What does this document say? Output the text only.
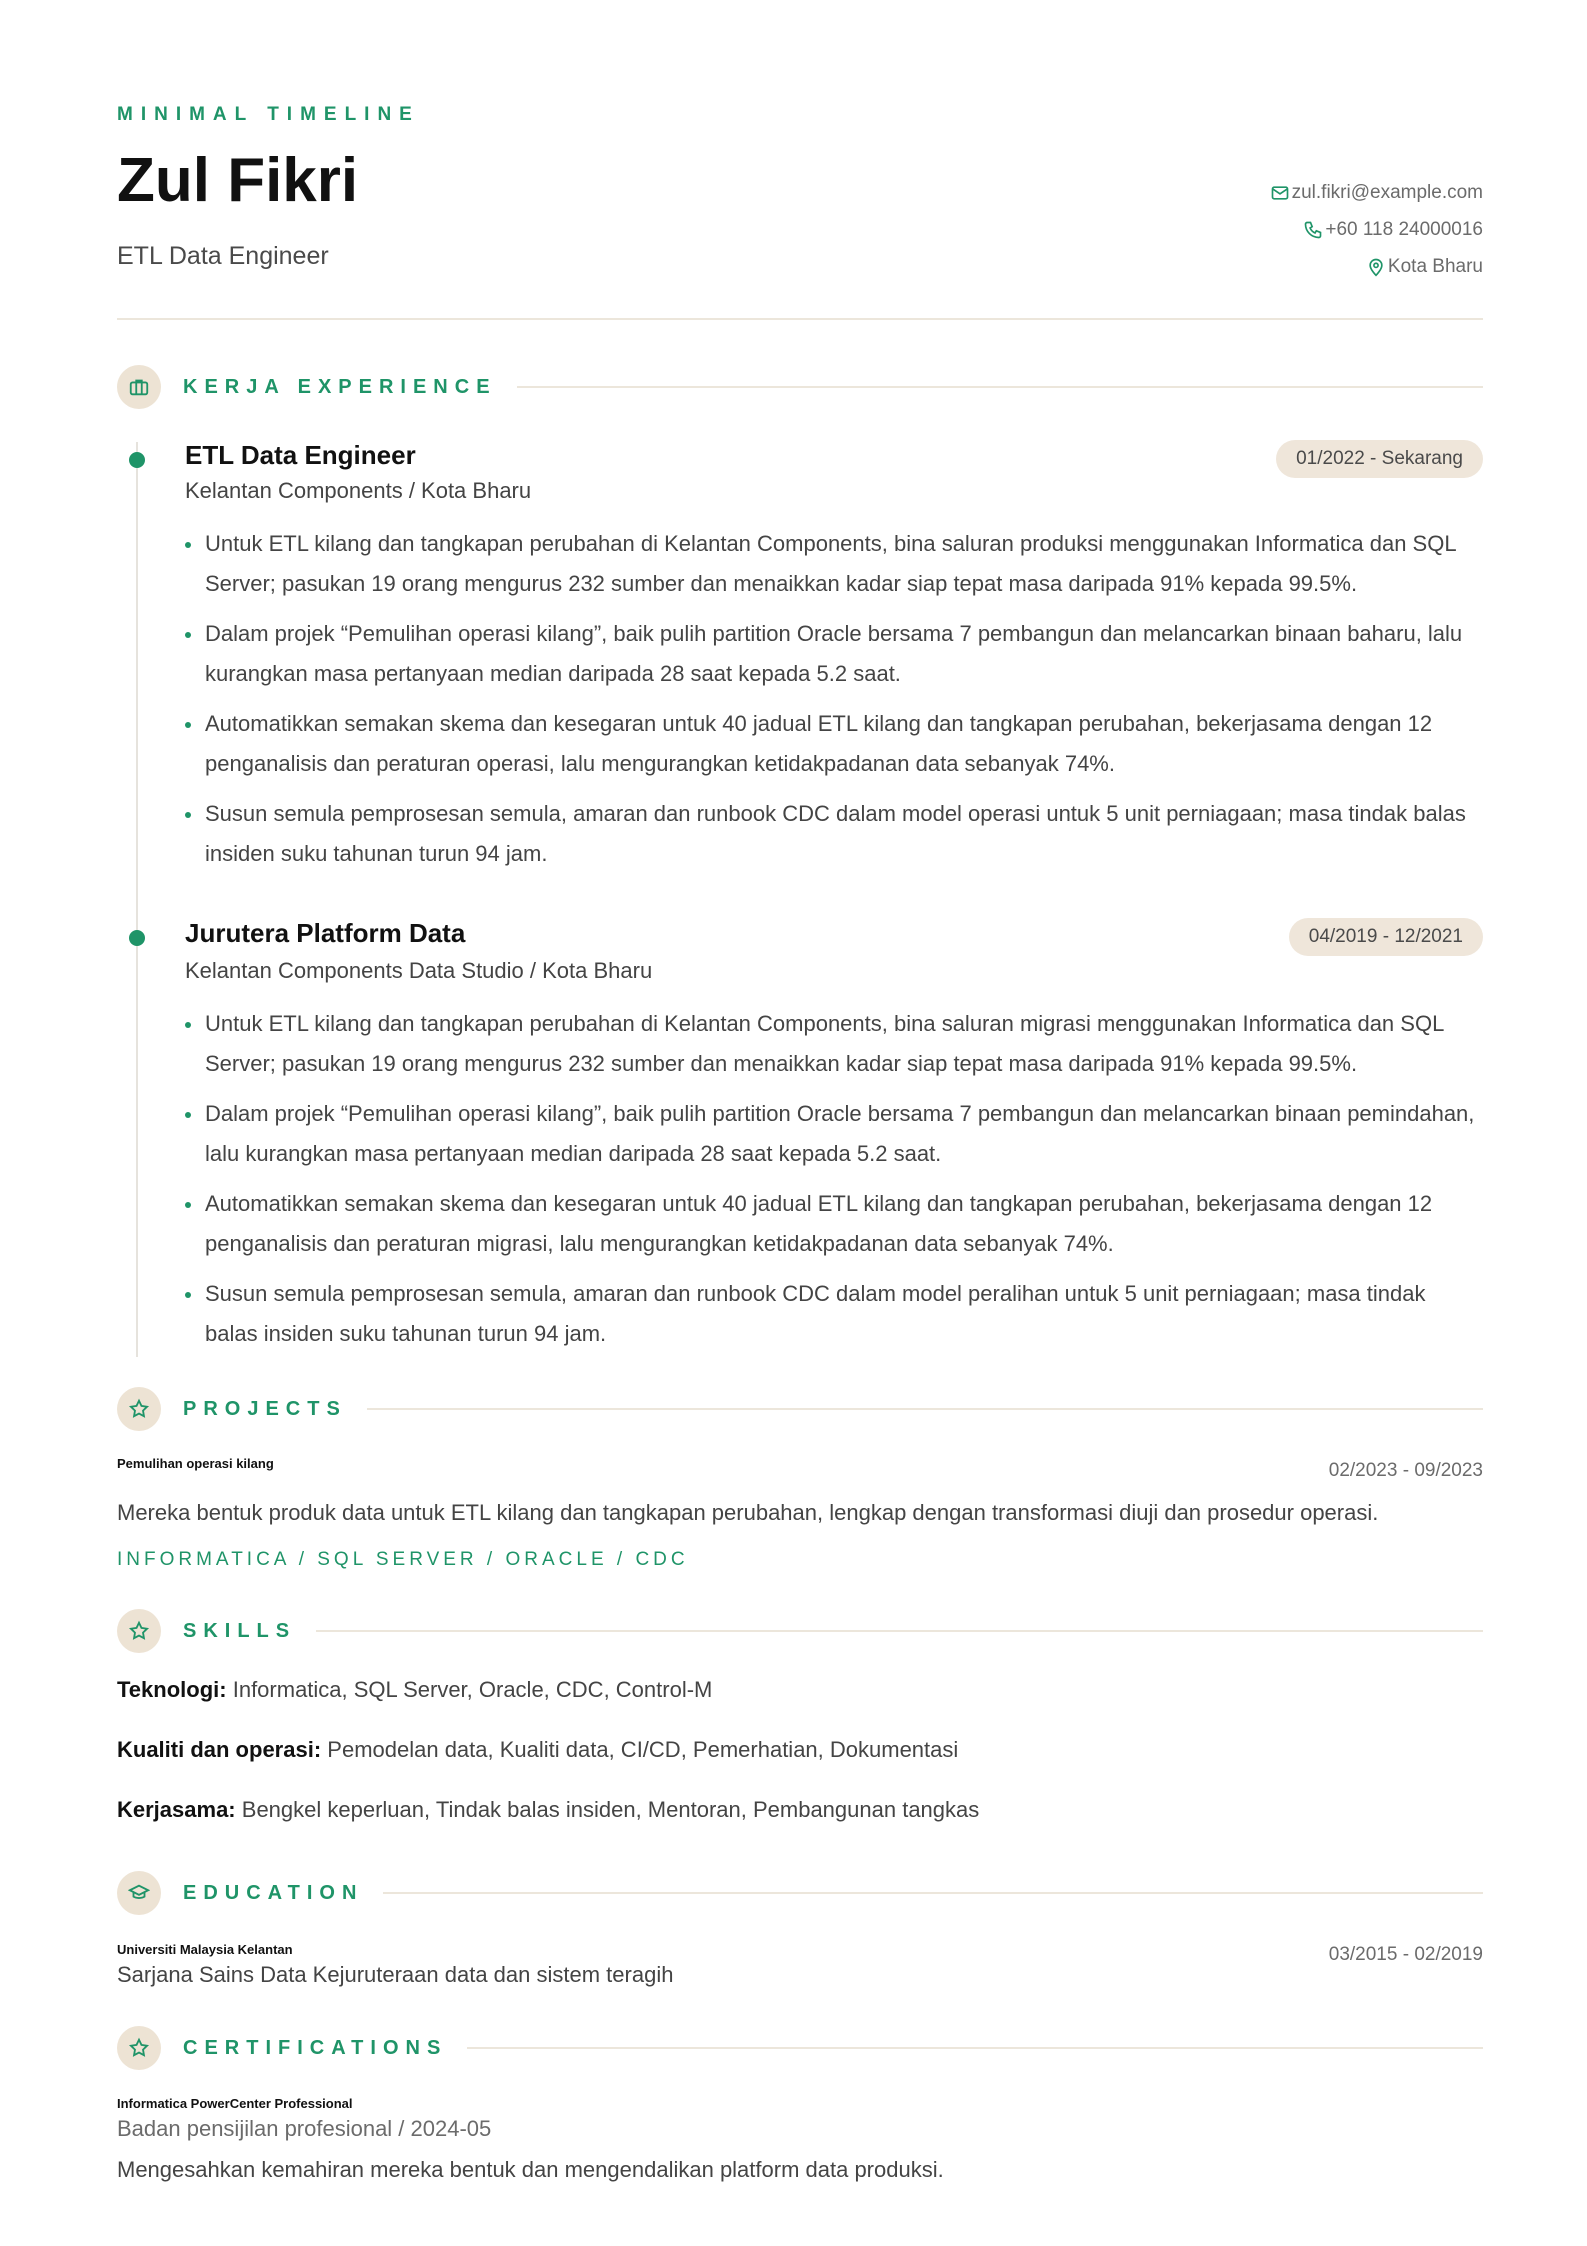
MINIMAL TIMELINE
Zul Fikri
ETL Data Engineer
zul.fikri@example.com
+60 118 24000016
Kota Bharu
KERJA EXPERIENCE
ETL Data Engineer	01/2022 - Sekarang
Kelantan Components / Kota Bharu
Untuk ETL kilang dan tangkapan perubahan di Kelantan Components, bina saluran produksi menggunakan Informatica dan SQL Server; pasukan 19 orang mengurus 232 sumber dan menaikkan kadar siap tepat masa daripada 91% kepada 99.5%.
Dalam projek “Pemulihan operasi kilang”, baik pulih partition Oracle bersama 7 pembangun dan melancarkan binaan baharu, lalu kurangkan masa pertanyaan median daripada 28 saat kepada 5.2 saat.
Automatikkan semakan skema dan kesegaran untuk 40 jadual ETL kilang dan tangkapan perubahan, bekerjasama dengan 12 penganalisis dan peraturan operasi, lalu mengurangkan ketidakpadanan data sebanyak 74%.
Susun semula pemprosesan semula, amaran dan runbook CDC dalam model operasi untuk 5 unit perniagaan; masa tindak balas insiden suku tahunan turun 94 jam.
Jurutera Platform Data	04/2019 - 12/2021
Kelantan Components Data Studio / Kota Bharu
Untuk ETL kilang dan tangkapan perubahan di Kelantan Components, bina saluran migrasi menggunakan Informatica dan SQL Server; pasukan 19 orang mengurus 232 sumber dan menaikkan kadar siap tepat masa daripada 91% kepada 99.5%.
Dalam projek “Pemulihan operasi kilang”, baik pulih partition Oracle bersama 7 pembangun dan melancarkan binaan pemindahan, lalu kurangkan masa pertanyaan median daripada 28 saat kepada 5.2 saat.
Automatikkan semakan skema dan kesegaran untuk 40 jadual ETL kilang dan tangkapan perubahan, bekerjasama dengan 12 penganalisis dan peraturan migrasi, lalu mengurangkan ketidakpadanan data sebanyak 74%.
Susun semula pemprosesan semula, amaran dan runbook CDC dalam model peralihan untuk 5 unit perniagaan; masa tindak balas insiden suku tahunan turun 94 jam.
PROJECTS
Pemulihan operasi kilang	02/2023 - 09/2023
Mereka bentuk produk data untuk ETL kilang dan tangkapan perubahan, lengkap dengan transformasi diuji dan prosedur operasi.
INFORMATICA / SQL SERVER / ORACLE / CDC
SKILLS
Teknologi: Informatica, SQL Server, Oracle, CDC, Control-M
Kualiti dan operasi: Pemodelan data, Kualiti data, CI/CD, Pemerhatian, Dokumentasi
Kerjasama: Bengkel keperluan, Tindak balas insiden, Mentoran, Pembangunan tangkas
EDUCATION
Universiti Malaysia Kelantan	03/2015 - 02/2019
Sarjana Sains Data Kejuruteraan data dan sistem teragih
CERTIFICATIONS
Informatica PowerCenter Professional
Badan pensijilan profesional / 2024-05
Mengesahkan kemahiran mereka bentuk dan mengendalikan platform data produksi.
